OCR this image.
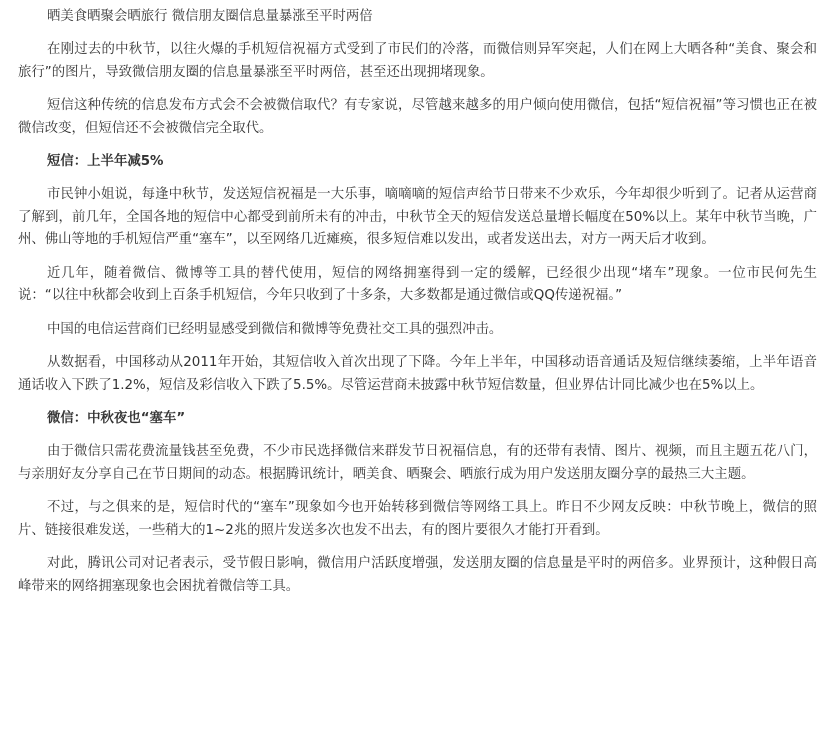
晒美食晒聚会晒旅行 微信朋友圈信息量暴涨至平时两倍

在刚过去的中秋节，以往火爆的手机短信祝福方式受到了市民们的冷落，而微信则异军突起，人们在网上大晒各种“美食、聚会和旅行”的图片，导致微信朋友圈的信息量暴涨至平时两倍，甚至还出现拥堵现象。

短信这种传统的信息发布方式会不会被微信取代？有专家说，尽管越来越多的用户倾向使用微信，包括“短信祝福”等习惯也正在被微信改变，但短信还不会被微信完全取代。

短信：上半年减5%

市民钟小姐说，每逢中秋节，发送短信祝福是一大乐事，嘀嘀嘀的短信声给节日带来不少欢乐，今年却很少听到了。记者从运营商了解到，前几年，全国各地的短信中心都受到前所未有的冲击，中秋节全天的短信发送总量增长幅度在50%以上。某年中秋节当晚，广州、佛山等地的手机短信严重“塞车”，以至网络几近瘫痪，很多短信难以发出，或者发送出去，对方一两天后才收到。

近几年，随着微信、微博等工具的替代使用，短信的网络拥塞得到一定的缓解，已经很少出现“堵车”现象。一位市民何先生说：“以往中秋都会收到上百条手机短信，今年只收到了十多条，大多数都是通过微信或QQ传递祝福。”

中国的电信运营商们已经明显感受到微信和微博等免费社交工具的强烈冲击。

从数据看，中国移动从2011年开始，其短信收入首次出现了下降。今年上半年，中国移动语音通话及短信继续萎缩，上半年语音通话收入下跌了1.2%，短信及彩信收入下跌了5.5%。尽管运营商未披露中秋节短信数量，但业界估计同比减少也在5%以上。

微信：中秋夜也“塞车”

由于微信只需花费流量钱甚至免费，不少市民选择微信来群发节日祝福信息，有的还带有表情、图片、视频，而且主题五花八门，与亲朋好友分享自己在节日期间的动态。根据腾讯统计，晒美食、晒聚会、晒旅行成为用户发送朋友圈分享的最热三大主题。

不过，与之俱来的是，短信时代的“塞车”现象如今也开始转移到微信等网络工具上。昨日不少网友反映：中秋节晚上，微信的照片、链接很难发送，一些稍大的1~2兆的照片发送多次也发不出去，有的图片要很久才能打开看到。

对此，腾讯公司对记者表示，受节假日影响，微信用户活跃度增强，发送朋友圈的信息量是平时的两倍多。业界预计，这种假日高峰带来的网络拥塞现象也会困扰着微信等工具。
